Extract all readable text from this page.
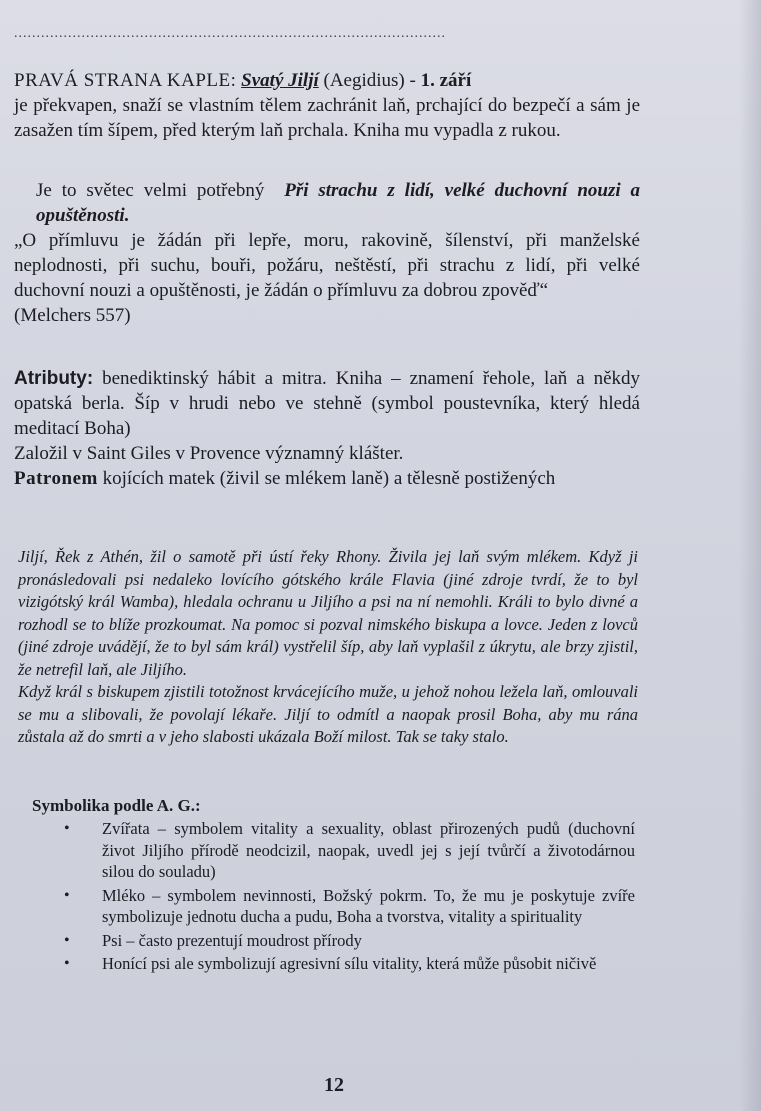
................................................................................................

PRAVÁ STRANA KAPLE: Svatý Jiljí (Aegidius) - 1. září

je překvapen, snaží se vlastním tělem zachránit laň, prchající do bezpečí a sám je zasažen tím šípem, před kterým laň prchala. Kniha mu vypadla z rukou.

Je to světec velmi potřebný Při strachu z lidí, velké duchovní nouzi a opuštěnosti.

„O přímluvu je žádán při lepře, moru, rakovině, šílenství, při manželské neplodnosti, při suchu, bouři, požáru, neštěstí, při strachu z lidí, při velké duchovní nouzi a opuštěnosti, je žádán o přímluvu za dobrou zpověď“

(Melchers 557)

Atributy: benediktinský hábit a mitra. Kniha – znamení řehole, laň a někdy opatská berla. Šíp v hrudi nebo ve stehně (symbol poustevníka, který hledá meditací Boha)

Založil v Saint Giles v Provence významný klášter.

Patronem kojících matek (živil se mlékem laně) a tělesně postižených

Jiljí, Řek z Athén, žil o samotě při ústí řeky Rhony. Živila jej laň svým mlékem. Když ji pronásledovali psi nedaleko lovícího gótského krále Flavia (jiné zdroje tvrdí, že to byl vizigótský král Wamba), hledala ochranu u Jiljího a psi na ní nemohli. Králi to bylo divné a rozhodl se to blíže prozkoumat. Na pomoc si pozval nimského biskupa a lovce. Jeden z lovců (jiné zdroje uvádějí, že to byl sám král) vystřelil šíp, aby laň vyplašil z úkrytu, ale brzy zjistil, že netrefil laň, ale Jiljího.

Když král s biskupem zjistili totožnost krvácejícího muže, u jehož nohou ležela laň, omlouvali se mu a slibovali, že povolají lékaře. Jiljí to odmítl a naopak prosil Boha, aby mu rána zůstala až do smrti a v jeho slabosti ukázala Boží milost. Tak se taky stalo.

Symbolika podle A. G.:
• Zvířata – symbolem vitality a sexuality, oblast přirozených pudů (duchovní život Jiljího přírodě neodcizil, naopak, uvedl jej s její tvůrčí a životodárnou silou do souladu)
• Mléko – symbolem nevinnosti, Božský pokrm. To, že mu je poskytuje zvíře symbolizuje jednotu ducha a pudu, Boha a tvorstva, vitality a spirituality
• Psi – často prezentují moudrost přírody
• Honící psi ale symbolizují agresivní sílu vitality, která může působit ničivě
12
